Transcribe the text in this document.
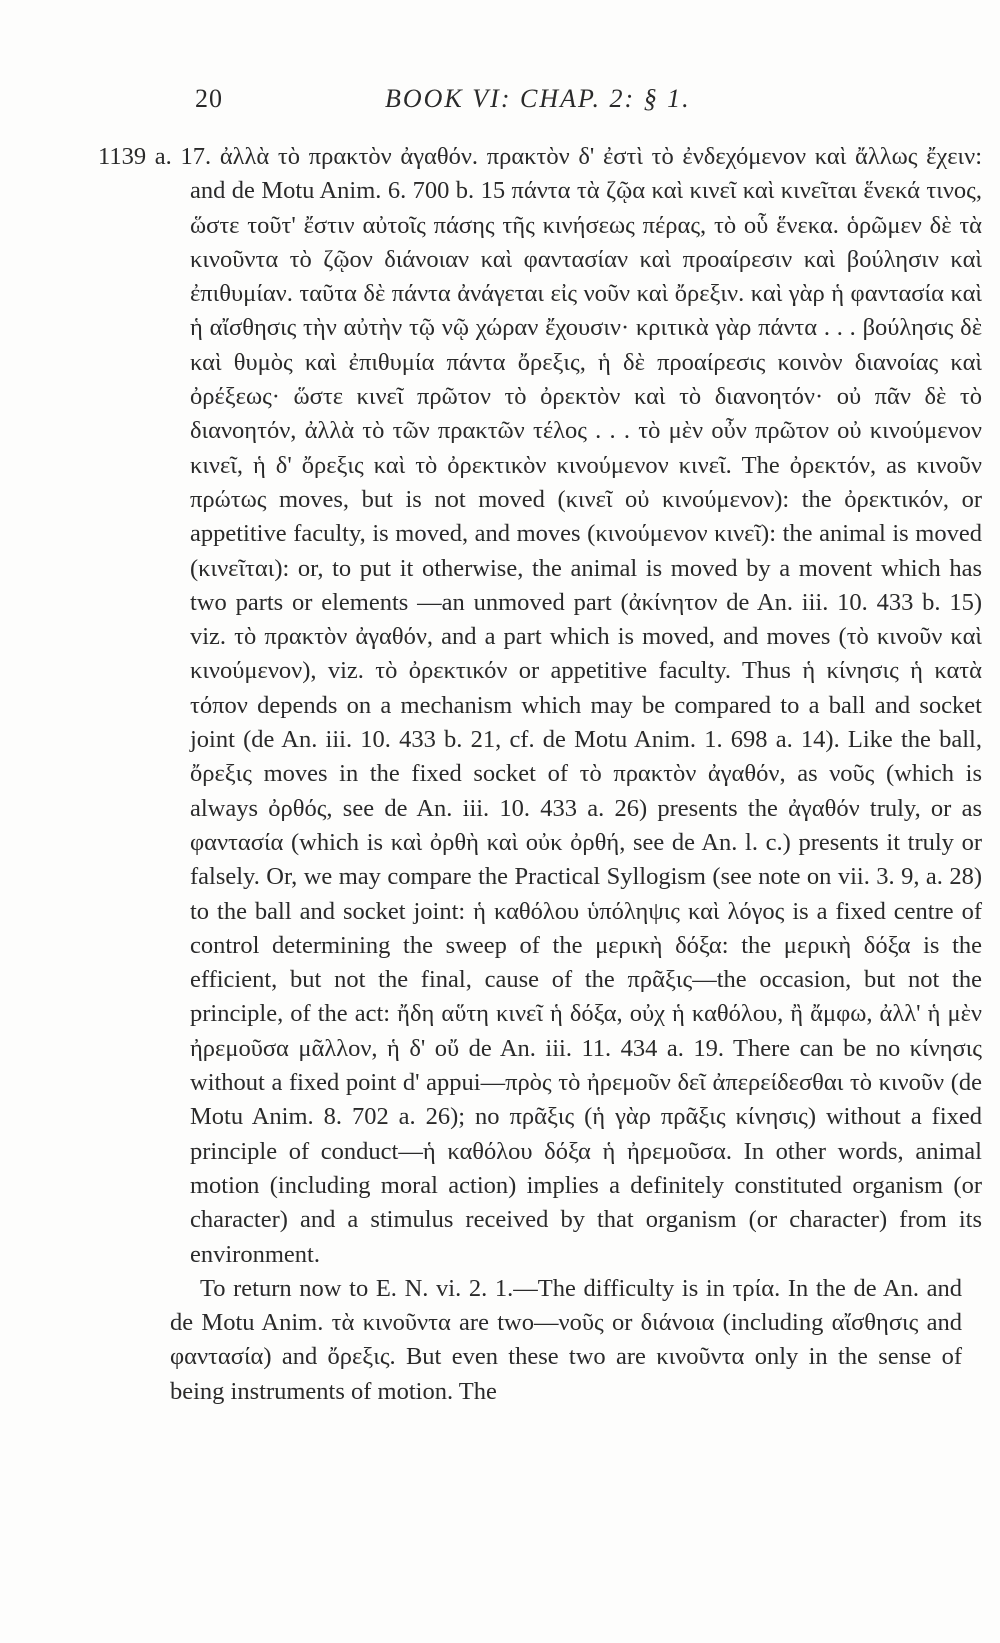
20	BOOK VI: CHAP. 2: § 1.

1139 a. 17. ἀλλὰ τὸ πρακτὸν ἀγαθόν. πρακτὸν δ' ἐστὶ τὸ ἐνδεχόμενον καὶ ἄλλως ἔχειν: and de Motu Anim. 6. 700 b. 15 πάντα τὰ ζῷα καὶ κινεῖ καὶ κινεῖται ἕνεκά τινος, ὥστε τοῦτ' ἔστιν αὐτοῖς πάσης τῆς κινήσεως πέρας, τὸ οὗ ἕνεκα. ὁρῶμεν δὲ τὰ κινοῦντα τὸ ζῷον διάνοιαν καὶ φαντασίαν καὶ προαίρεσιν καὶ βούλησιν καὶ ἐπιθυμίαν. ταῦτα δὲ πάντα ἀνάγεται εἰς νοῦν καὶ ὄρεξιν. καὶ γὰρ ἡ φαντασία καὶ ἡ αἴσθησις τὴν αὐτὴν τῷ νῷ χώραν ἔχουσιν· κριτικὰ γὰρ πάντα . . . βούλησις δὲ καὶ θυμὸς καὶ ἐπιθυμία πάντα ὄρεξις, ἡ δὲ προαίρεσις κοινὸν διανοίας καὶ ὀρέξεως· ὥστε κινεῖ πρῶτον τὸ ὀρεκτὸν καὶ τὸ διανοητόν· οὐ πᾶν δὲ τὸ διανοητόν, ἀλλὰ τὸ τῶν πρακτῶν τέλος . . . τὸ μὲν οὖν πρῶτον οὐ κινούμενον κινεῖ, ἡ δ' ὄρεξις καὶ τὸ ὀρεκτικὸν κινούμενον κινεῖ. The ὀρεκτόν, as κινοῦν πρώτως moves, but is not moved (κινεῖ οὐ κινούμενον): the ὀρεκτικόν, or appetitive faculty, is moved, and moves (κινούμενον κινεῖ): the animal is moved (κινεῖται): or, to put it otherwise, the animal is moved by a movent which has two parts or elements —an unmoved part (ἀκίνητον de An. iii. 10. 433 b. 15) viz. τὸ πρακτὸν ἀγαθόν, and a part which is moved, and moves (τὸ κινοῦν καὶ κινούμενον), viz. τὸ ὀρεκτικόν or appetitive faculty. Thus ἡ κίνησις ἡ κατὰ τόπον depends on a mechanism which may be compared to a ball and socket joint (de An. iii. 10. 433 b. 21, cf. de Motu Anim. 1. 698 a. 14). Like the ball, ὄρεξις moves in the fixed socket of τὸ πρακτὸν ἀγαθόν, as νοῦς (which is always ὀρθός, see de An. iii. 10. 433 a. 26) presents the ἀγαθόν truly, or as φαντασία (which is καὶ ὀρθὴ καὶ οὐκ ὀρθή, see de An. l. c.) presents it truly or falsely. Or, we may compare the Practical Syllogism (see note on vii. 3. 9, a. 28) to the ball and socket joint: ἡ καθόλου ὑπόληψις καὶ λόγος is a fixed centre of control determining the sweep of the μερικὴ δόξα: the μερικὴ δόξα is the efficient, but not the final, cause of the πρᾶξις—the occasion, but not the principle, of the act: ἤδη αὕτη κινεῖ ἡ δόξα, οὐχ ἡ καθόλου, ἢ ἄμφω, ἀλλ' ἡ μὲν ἠρεμοῦσα μᾶλλον, ἡ δ' οὔ de An. iii. 11. 434 a. 19. There can be no κίνησις without a fixed point d' appui—πρὸς τὸ ἠρεμοῦν δεῖ ἀπερείδεσθαι τὸ κινοῦν (de Motu Anim. 8. 702 a. 26); no πρᾶξις (ἡ γὰρ πρᾶξις κίνησις) without a fixed principle of conduct—ἡ καθόλου δόξα ἡ ἠρεμοῦσα. In other words, animal motion (including moral action) implies a definitely constituted organism (or character) and a stimulus received by that organism (or character) from its environment.

To return now to E. N. vi. 2. 1.—The difficulty is in τρία. In the de An. and de Motu Anim. τὰ κινοῦντα are two—νοῦς or διάνοια (including αἴσθησις and φαντασία) and ὄρεξις. But even these two are κινοῦντα only in the sense of being instruments of motion. The
